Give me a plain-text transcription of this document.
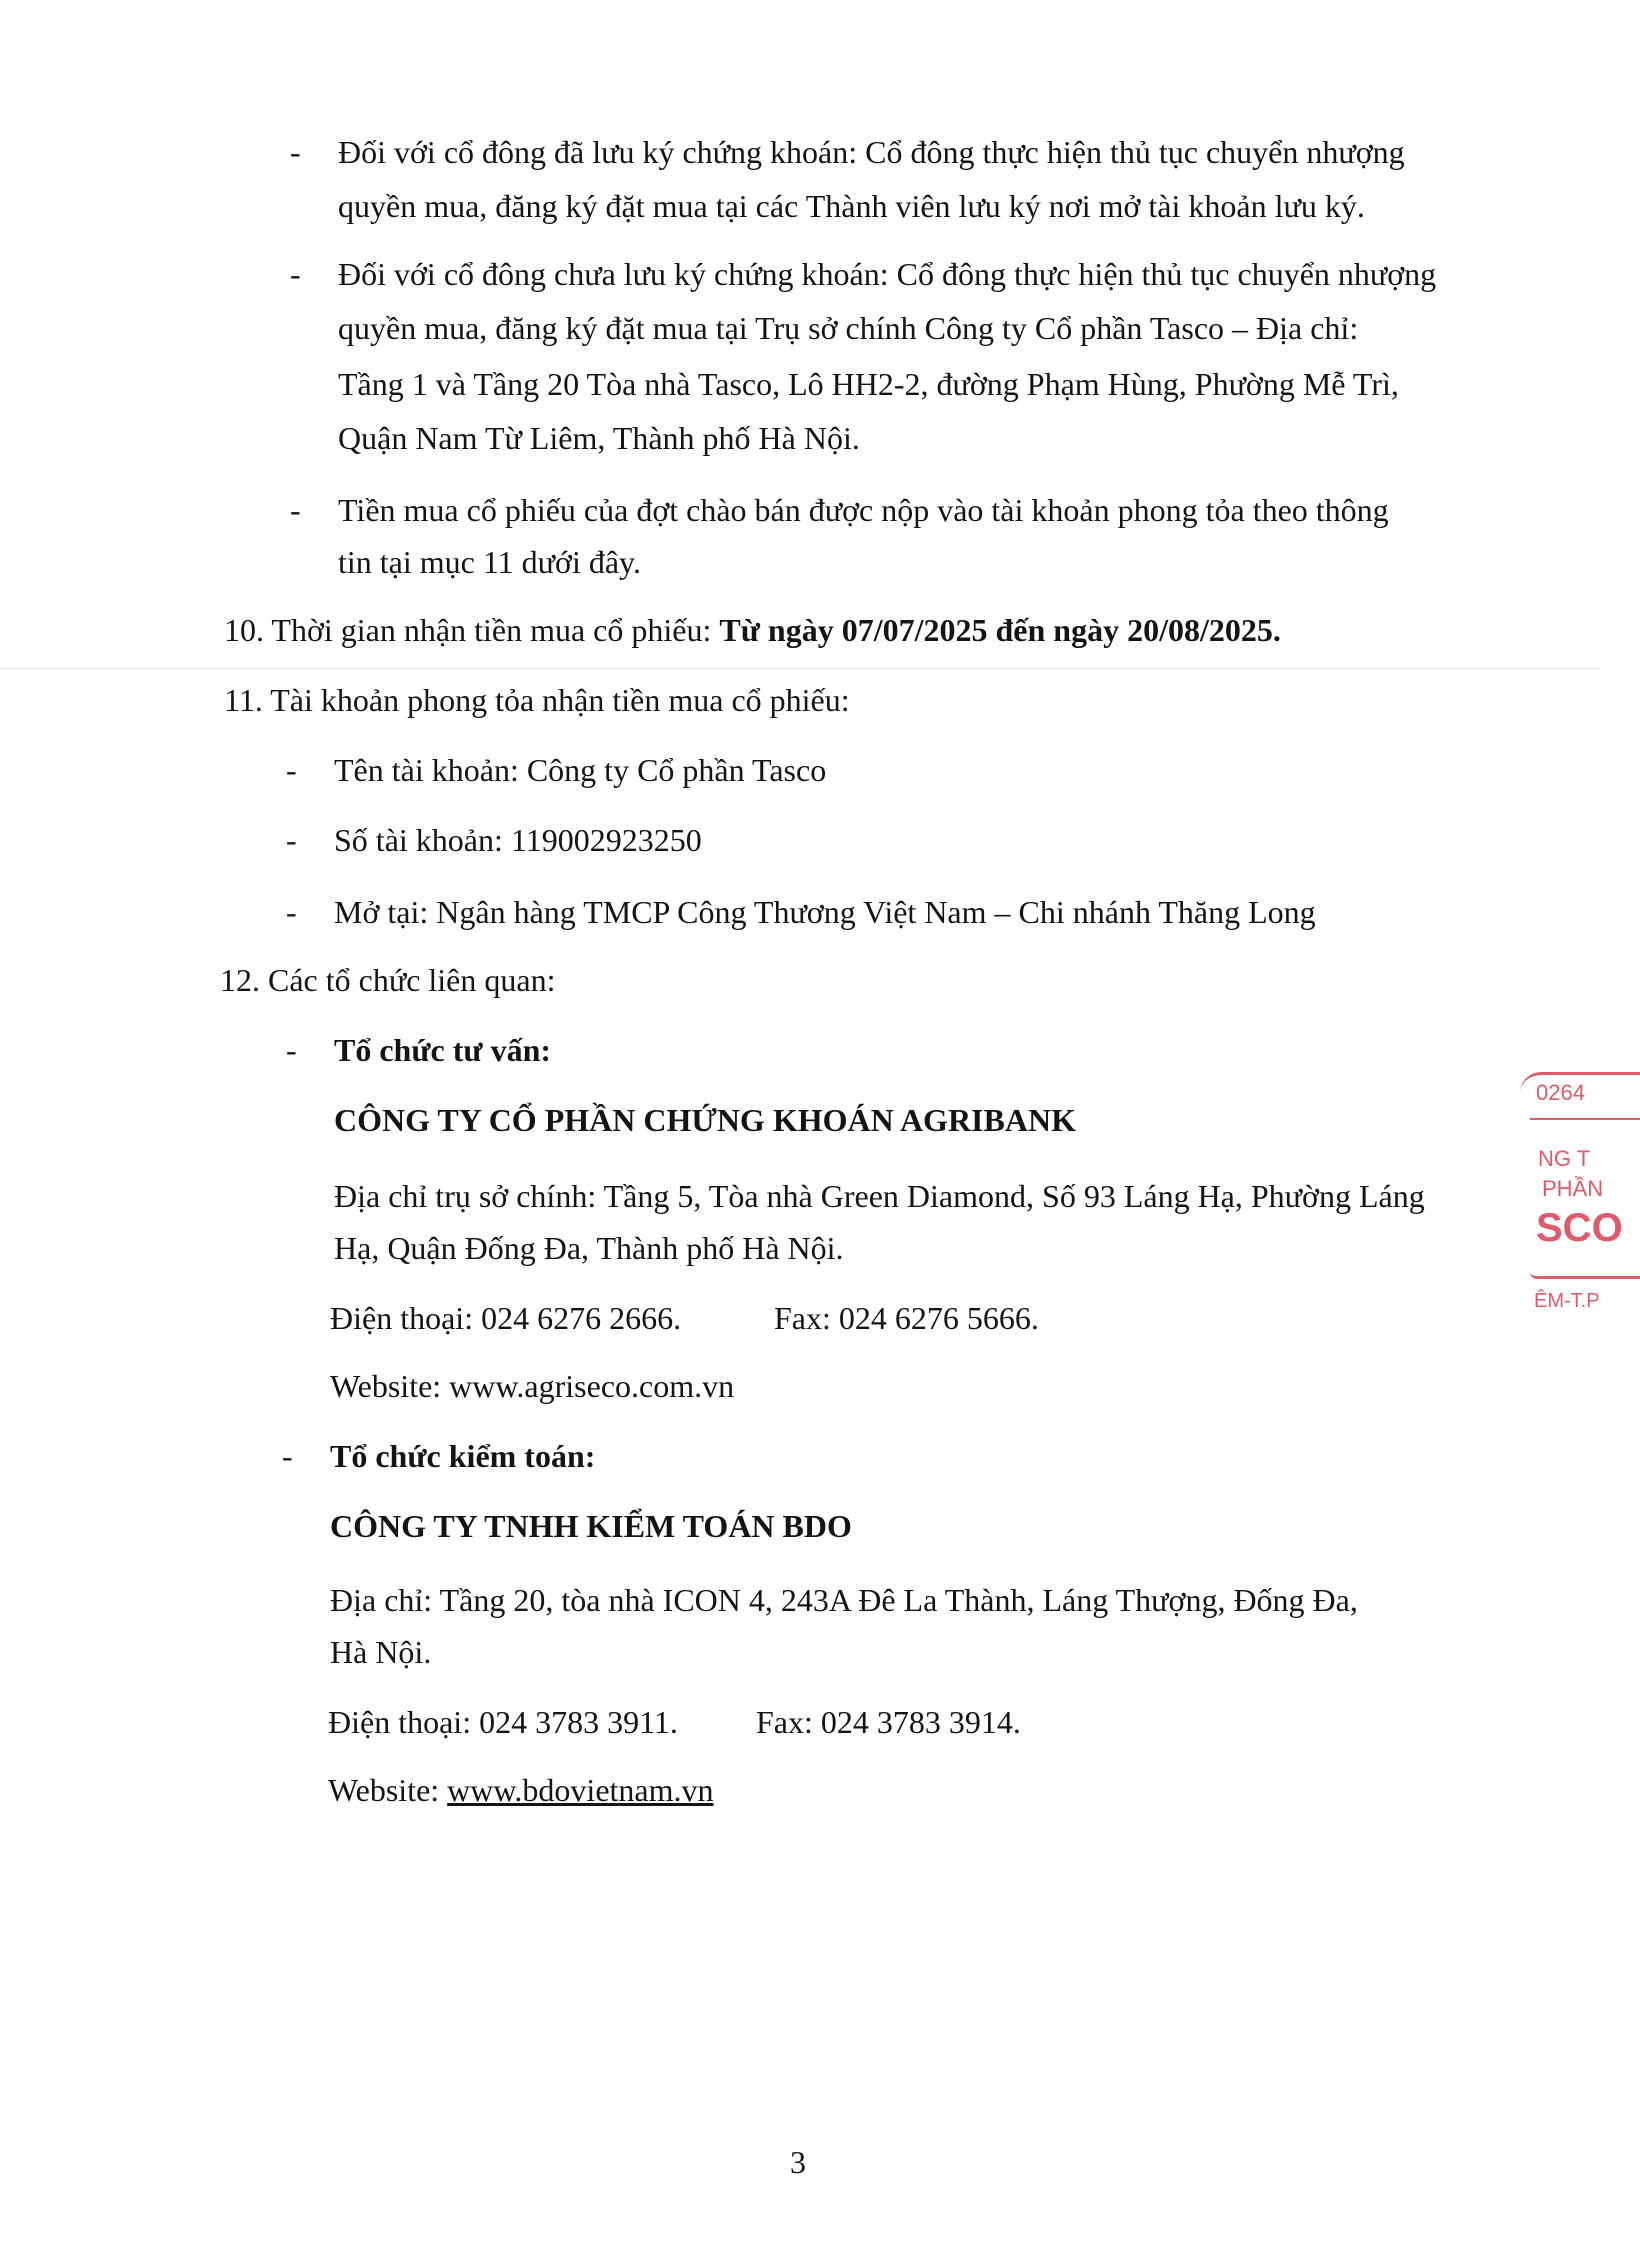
- Đối với cổ đông đã lưu ký chứng khoán: Cổ đông thực hiện thủ tục chuyển nhượng
quyền mua, đăng ký đặt mua tại các Thành viên lưu ký nơi mở tài khoản lưu ký.
- Đối với cổ đông chưa lưu ký chứng khoán: Cổ đông thực hiện thủ tục chuyển nhượng
quyền mua, đăng ký đặt mua tại Trụ sở chính Công ty Cổ phần Tasco – Địa chỉ:
Tầng 1 và Tầng 20 Tòa nhà Tasco, Lô HH2-2, đường Phạm Hùng, Phường Mễ Trì,
Quận Nam Từ Liêm, Thành phố Hà Nội.
- Tiền mua cổ phiếu của đợt chào bán được nộp vào tài khoản phong tỏa theo thông
tin tại mục 11 dưới đây.
10. Thời gian nhận tiền mua cổ phiếu: Từ ngày 07/07/2025 đến ngày 20/08/2025.
11. Tài khoản phong tỏa nhận tiền mua cổ phiếu:
- Tên tài khoản: Công ty Cổ phần Tasco
- Số tài khoản: 119002923250
- Mở tại: Ngân hàng TMCP Công Thương Việt Nam – Chi nhánh Thăng Long
12. Các tổ chức liên quan:
- Tổ chức tư vấn:
CÔNG TY CỔ PHẦN CHỨNG KHOÁN AGRIBANK
Địa chỉ trụ sở chính: Tầng 5, Tòa nhà Green Diamond, Số 93 Láng Hạ, Phường Láng
Hạ, Quận Đống Đa, Thành phố Hà Nội.
Điện thoại: 024 6276 2666.	Fax: 024 6276 5666.
Website: www.agriseco.com.vn
- Tổ chức kiểm toán:
CÔNG TY TNHH KIỂM TOÁN BDO
Địa chỉ: Tầng 20, tòa nhà ICON 4, 243A Đê La Thành, Láng Thượng, Đống Đa,
Hà Nội.
Điện thoại: 024 3783 3911. Fax: 024 3783 3914.
Website: www.bdovietnam.vn
0264
NG T
PHẦN
SCO
ÊM-T.P
3
